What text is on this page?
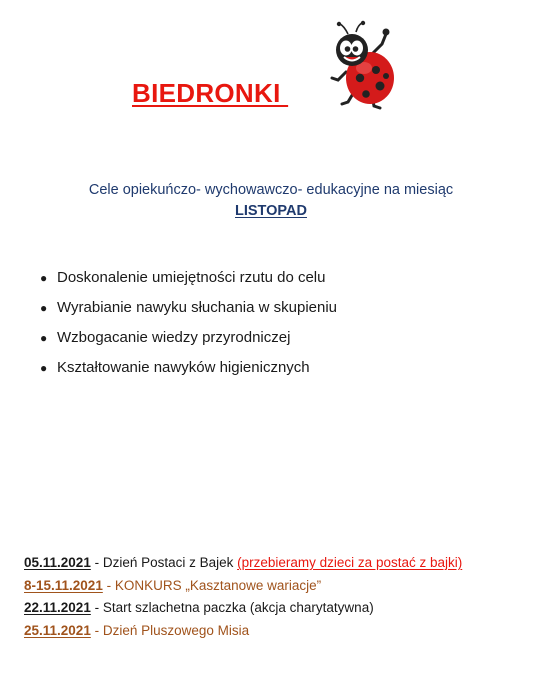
BIEDRONKI
Cele opiekuńczo- wychowawczo- edukacyjne na miesiąc
LISTOPAD
● Doskonalenie umiejętności rzutu do celu
● Wyrabianie nawyku słuchania w skupieniu
● Wzbogacanie wiedzy przyrodniczej
● Kształtowanie nawyków higienicznych
05.11.2021 - Dzień Postaci z Bajek (przebieramy dzieci za postać z bajki)
8-15.11.2021 - KONKURS „Kasztanowe wariacje”
22.11.2021 - Start szlachetna paczka (akcja charytatywna)
25.11.2021 - Dzień Pluszowego Misia
